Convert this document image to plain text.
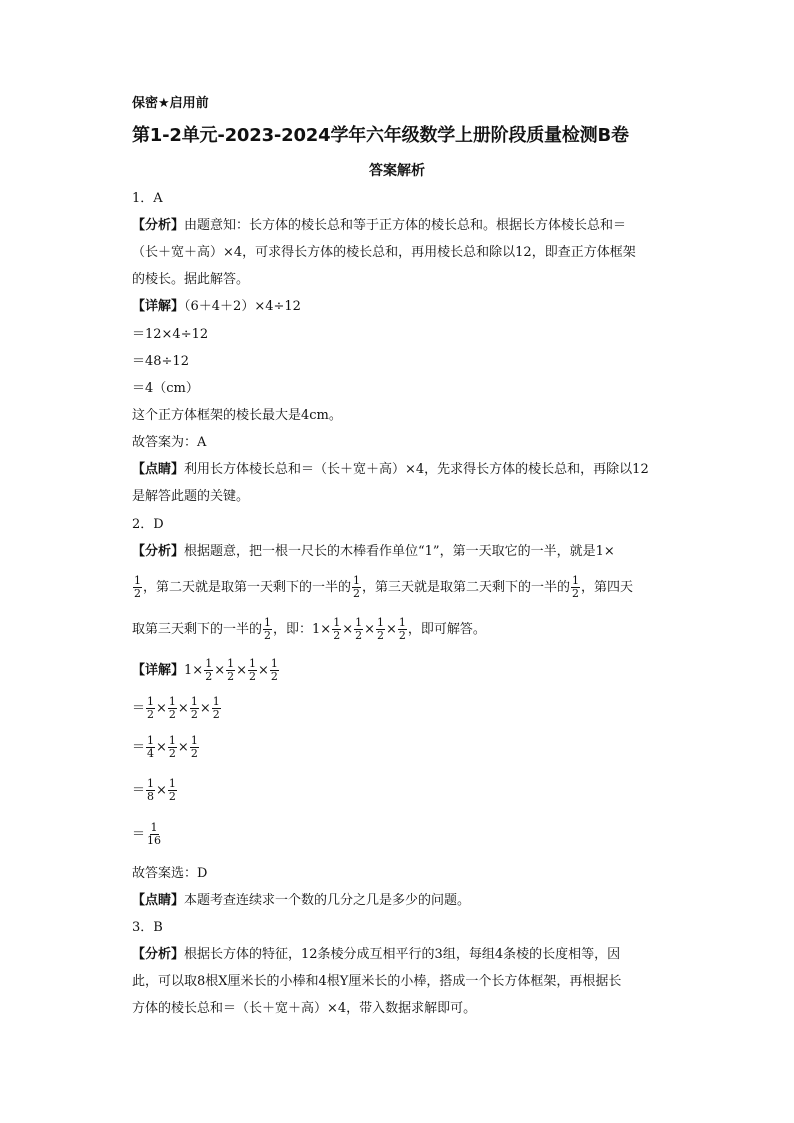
保密★启用前
第1-2单元-2023-2024学年六年级数学上册阶段质量检测B卷
答案解析
1．A
【分析】由题意知：长方体的棱长总和等于正方体的棱长总和。根据长方体棱长总和＝
（长＋宽＋高）×4，可求得长方体的棱长总和，再用棱长总和除以12，即查正方体框架
的棱长。据此解答。
【详解】（6＋4＋2）×4÷12
＝12×4÷12
＝48÷12
＝4（cm）
这个正方体框架的棱长最大是4cm。
故答案为：A
【点睛】利用长方体棱长总和＝（长＋宽＋高）×4，先求得长方体的棱长总和，再除以12
是解答此题的关键。
2．D
【分析】根据题意，把一根一尺长的木棒看作单位“1”，第一天取它的一半，就是1×
$\frac{1}{2}$ ，第二天就是取第一天剩下的一半的 $\frac{1}{2}$ ，第三天就是取第二天剩下的一半的 $\frac{1}{2}$ ，第四天
取第三天剩下的一半的 $\frac{1}{2}$ ，即：$1\times \frac{1}{2} \times \frac{1}{2} \times \frac{1}{2} \times \frac{1}{2}$ ，即可解答。
【详解】$1\times \frac{1}{2} \times \frac{1}{2} \times \frac{1}{2} \times \frac{1}{2}$
＝ $\frac{1}{2} \times \frac{1}{2} \times \frac{1}{2} \times \frac{1}{2}$
＝ $\frac{1}{4} \times \frac{1}{2} \times \frac{1}{2}$
＝ $\frac{1}{8} \times \frac{1}{2}$
＝ $\frac{1}{16}$
故答案选：D
【点睛】本题考查连续求一个数的几分之几是多少的问题。
3．B
【分析】根据长方体的特征，12条棱分成互相平行的3组，每组4条棱的长度相等，因
此，可以取8根X厘米长的小棒和4根Y厘米长的小棒，搭成一个长方体框架，再根据长
方体的棱长总和＝（长＋宽＋高）×4，带入数据求解即可。
